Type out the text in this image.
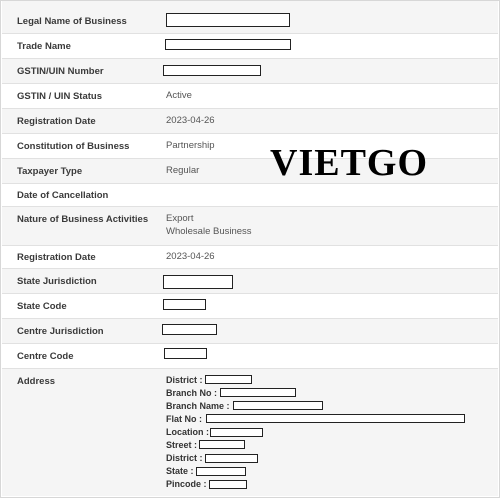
Legal Name of Business
Trade Name
GSTIN/UIN Number
GSTIN / UIN Status	Active
Registration Date	2023-04-26
Constitution of Business	Partnership
Taxpayer Type	Regular
Date of Cancellation
Nature of Business Activities Export
Wholesale Business
Registration Date	2023-04-26
State Jurisdiction
State Code
Centre Jurisdiction
Centre Code
Address	District :
Branch No :
Branch Name :
Flat No :
Location :
Street :
District :
State :
Pincode :
VIETGO
